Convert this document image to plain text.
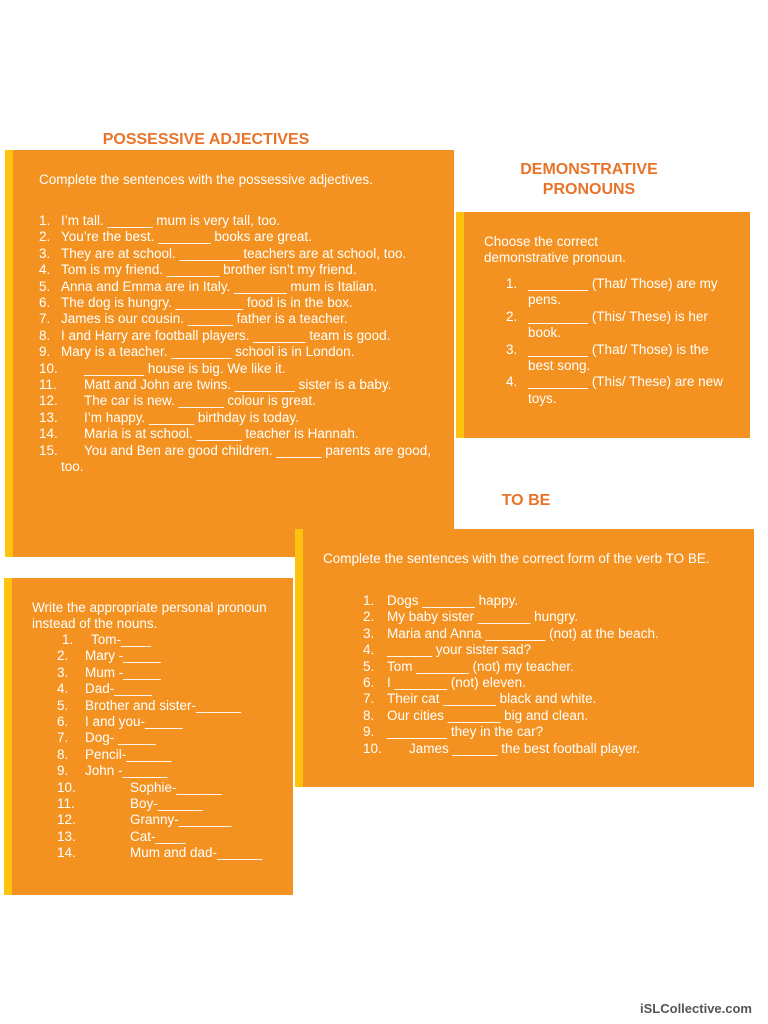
POSSESSIVE ADJECTIVES
DEMONSTRATIVE
PRONOUNS
TO BE

Complete the sentences with the possessive adjectives.

1. I’m tall. ______ mum is very tall, too.
2. You’re the best. _______ books are great.
3. They are at school. ________ teachers are at school, too.
4. Tom is my friend. _______ brother isn’t my friend.
5. Anna and Emma are in Italy. _______ mum is Italian.
6. The dog is hungry. _________ food is in the box.
7. James is our cousin. ______ father is a teacher.
8. I and Harry are football players. _______ team is good.
9. Mary is a teacher. ________ school is in London.
10. ________ house is big. We like it.
11. Matt and John are twins. ________ sister is a baby.
12. The car is new. ______ colour is great.
13. I’m happy. ______ birthday is today.
14. Maria is at school. ______ teacher is Hannah.
15. You and Ben are good children. ______ parents are good, too.

Choose the correct demonstrative pronoun.

1. ________ (That/ Those) are my pens.
2. ________ (This/ These) is her book.
3. ________ (That/ Those) is the best song.
4. ________ (This/ These) are new toys.

Write the appropriate personal pronoun instead of the nouns.

1. Tom-____
2. Mary -_____
3. Mum -_____
4. Dad-_____
5. Brother and sister-______
6. I and you-_____
7. Dog- _____
8. Pencil-______
9. John -______
10.	Sophie-______
11.	Boy-______
12.	Granny-_______
13.	Cat-____
14.	Mum and dad-______

Complete the sentences with the correct form of the verb TO BE.

1. Dogs _______ happy.
2. My baby sister _______ hungry.
3. Maria and Anna ________ (not) at the beach.
4. ______ your sister sad?
5. Tom _______ (not) my teacher.
6. I _______ (not) eleven.
7. Their cat _______ black and white.
8. Our cities _______ big and clean.
9. ________ they in the car?
10. James ______ the best football player.
iSLCollective.com
